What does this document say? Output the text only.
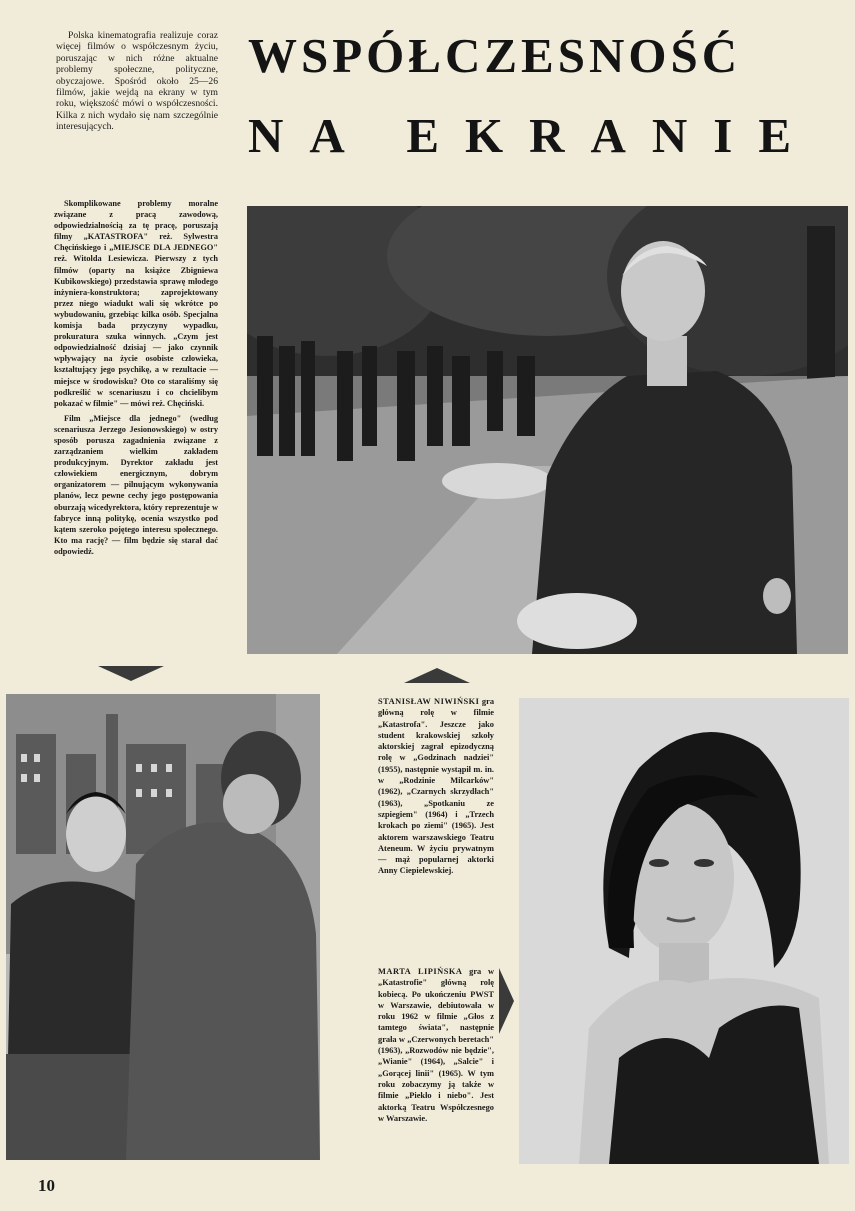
Polska kinematografia realizuje coraz więcej filmów o współczesnym życiu, poruszając w nich różne aktualne problemy społeczne, polityczne, obyczajowe. Spośród około 25—26 filmów, jakie wejdą na ekrany w tym roku, większość mówi o współczesności. Kilka z nich wydało się nam szczególnie interesujących.

WSPÓŁCZESNOŚĆ
NA EKRANIE

Skomplikowane problemy moralne związane z pracą zawodową, odpowiedzialnością za tę pracę, poruszają filmy „KATASTROFA" reż. Sylwestra Chęcińskiego i „MIEJSCE DLA JEDNEGO" reż. Witolda Lesiewicza. Pierwszy z tych filmów (oparty na książce Zbigniewa Kubikowskiego) przedstawia sprawę młodego inżyniera-konstruktora; zaprojektowany przez niego wiadukt wali się wkrótce po wybudowaniu, grzebiąc kilka osób. Specjalna komisja bada przyczyny wypadku, prokuratura szuka winnych. „Czym jest odpowiedzialność dzisiaj — jako czynnik wpływający na życie osobiste człowieka, kształtujący jego psychikę, a w rezultacie — miejsce w środowisku? Oto co staraliśmy się podkreślić w scenariuszu i co chcielibym pokazać w filmie" — mówi reż. Chęciński.

Film „Miejsce dla jednego" (według scenariusza Jerzego Jesionowskiego) w ostry sposób porusza zagadnienia związane z zarządzaniem wielkim zakładem produkcyjnym. Dyrektor zakładu jest człowiekiem energicznym, dobrym organizatorem — pilnującym wykonywania planów, lecz pewne cechy jego postępowania oburzają wicedyrektora, który reprezentuje w fabryce inną politykę, ocenia wszystko pod kątem szeroko pojętego interesu społecznego. Kto ma rację? — film będzie się starał dać odpowiedź.

STANISŁAW NIWIŃSKI gra główną rolę w filmie „Katastrofa". Jeszcze jako student krakowskiej szkoły aktorskiej zagrał epizodyczną rolę w „Godzinach nadziei" (1955), następnie wystąpił m. in. w „Rodzinie Milcarków" (1962), „Czarnych skrzydłach" (1963), „Spotkaniu ze szpiegiem" (1964) i „Trzech krokach po ziemi" (1965). Jest aktorem warszawskiego Teatru Ateneum. W życiu prywatnym — mąż popularnej aktorki Anny Ciepielewskiej.

MARTA LIPIŃSKA gra w „Katastrofie" główną rolę kobiecą. Po ukończeniu PWST w Warszawie, debiutowała w roku 1962 w filmie „Głos z tamtego świata", następnie grała w „Czerwonych beretach" (1963), „Rozwodów nie będzie", „Wianie" (1964), „Salcie" i „Gorącej linii" (1965). W tym roku zobaczymy ją także w filmie „Piekło i niebo". Jest aktorką Teatru Współczesnego w Warszawie.

10
